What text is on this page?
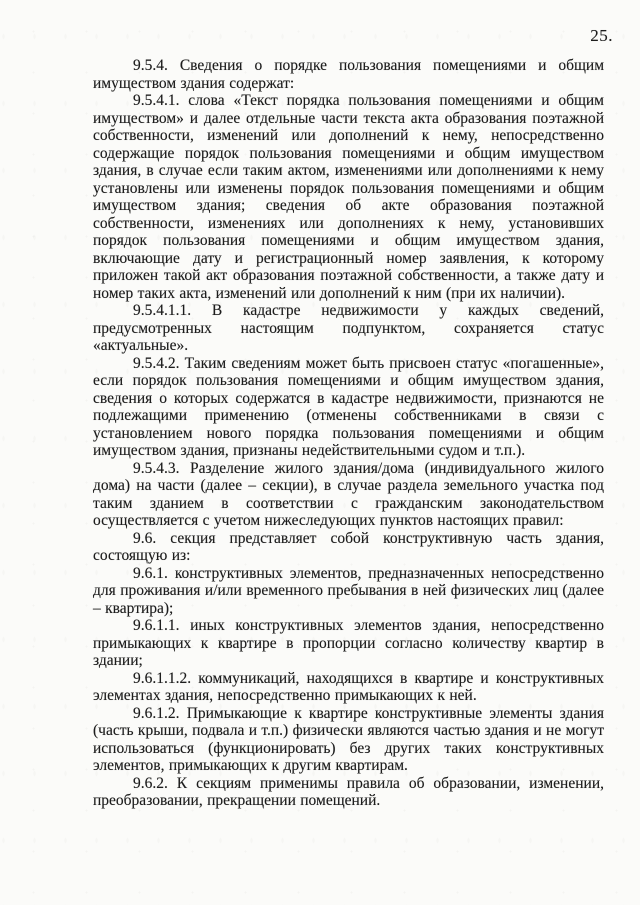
25.

9.5.4. Сведения о порядке пользования помещениями и общим имуществом здания содержат:

9.5.4.1. слова «Текст порядка пользования помещениями и общим имуществом» и далее отдельные части текста акта образования поэтажной собственности, изменений или дополнений к нему, непосредственно содержащие порядок пользования помещениями и общим имуществом здания, в случае если таким актом, изменениями или дополнениями к нему установлены или изменены порядок пользования помещениями и общим имуществом здания; сведения об акте образования поэтажной собственности, изменениях или дополнениях к нему, установивших порядок пользования помещениями и общим имуществом здания, включающие дату и регистрационный номер заявления, к которому приложен такой акт образования поэтажной собственности, а также дату и номер таких акта, изменений или дополнений к ним (при их наличии).

9.5.4.1.1. В кадастре недвижимости у каждых сведений, предусмотренных настоящим подпунктом, сохраняется статус «актуальные».

9.5.4.2. Таким сведениям может быть присвоен статус «погашенные», если порядок пользования помещениями и общим имуществом здания, сведения о которых содержатся в кадастре недвижимости, признаются не подлежащими применению (отменены собственниками в связи с установлением нового порядка пользования помещениями и общим имуществом здания, признаны недействительными судом и т.п.).

9.5.4.3. Разделение жилого здания/дома (индивидуального жилого дома) на части (далее – секции), в случае раздела земельного участка под таким зданием в соответствии с гражданским законодательством осуществляется с учетом нижеследующих пунктов настоящих правил:

9.6. секция представляет собой конструктивную часть здания, состоящую из:

9.6.1. конструктивных элементов, предназначенных непосредственно для проживания и/или временного пребывания в ней физических лиц (далее – квартира);

9.6.1.1. иных конструктивных элементов здания, непосредственно примыкающих к квартире в пропорции согласно количеству квартир в здании;

9.6.1.1.2. коммуникаций, находящихся в квартире и конструктивных элементах здания, непосредственно примыкающих к ней.

9.6.1.2. Примыкающие к квартире конструктивные элементы здания (часть крыши, подвала и т.п.) физически являются частью здания и не могут использоваться (функционировать) без других таких конструктивных элементов, примыкающих к другим квартирам.

9.6.2. К секциям применимы правила об образовании, изменении, преобразовании, прекращении помещений.
